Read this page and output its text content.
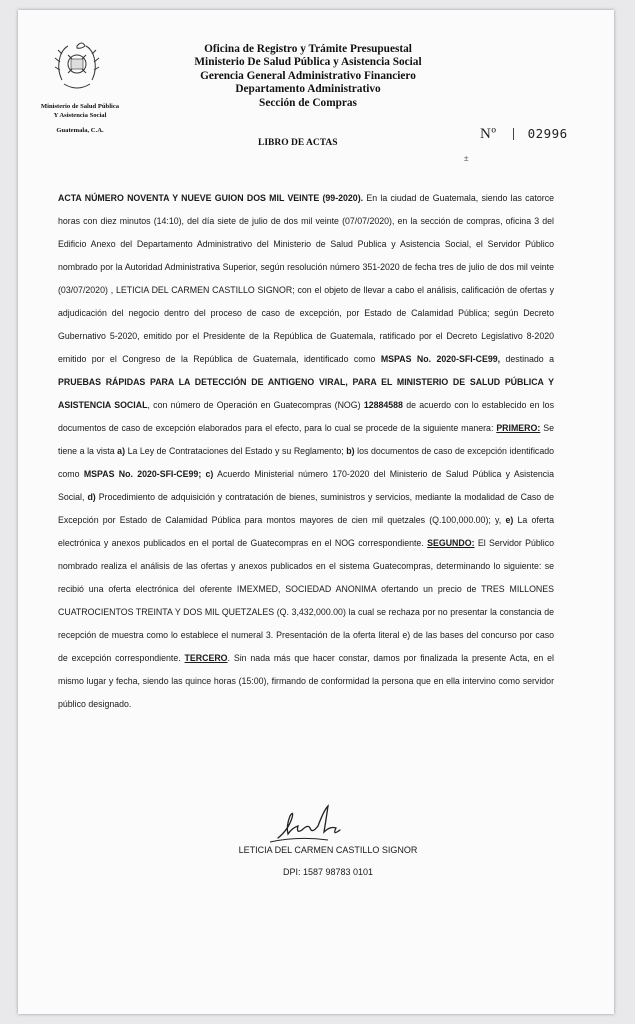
Ministerio de Salud Pública
Y Asistencia Social
Guatemala, C.A.
Oficina de Registro y Trámite Presupuestal
Ministerio De Salud Pública y Asistencia Social
Gerencia General Administrativo Financiero
Departamento Administrativo
Sección de Compras
LIBRO DE ACTAS
Nº 02996
±

ACTA NÚMERO NOVENTA Y NUEVE GUION DOS MIL VEINTE (99-2020). En la ciudad de Guatemala, siendo las catorce horas con diez minutos (14:10), del día siete de julio de dos mil veinte (07/07/2020), en la sección de compras, oficina 3 del Edificio Anexo del Departamento Administrativo del Ministerio de Salud Publica y Asistencia Social, el Servidor Público nombrado por la Autoridad Administrativa Superior, según resolución número 351-2020 de fecha tres de julio de dos mil veinte (03/07/2020) , LETICIA DEL CARMEN CASTILLO SIGNOR; con el objeto de llevar a cabo el análisis, calificación de ofertas y adjudicación del negocio dentro del proceso de caso de excepción, por Estado de Calamidad Pública; según Decreto Gubernativo 5-2020, emitido por el Presidente de la República de Guatemala, ratificado por el Decreto Legislativo 8-2020 emitido por el Congreso de la República de Guatemala, identificado como MSPAS No. 2020-SFI-CE99, destinado a PRUEBAS RÁPIDAS PARA LA DETECCIÓN DE ANTIGENO VIRAL, PARA EL MINISTERIO DE SALUD PÚBLICA Y ASISTENCIA SOCIAL, con número de Operación en Guatecompras (NOG) 12884588 de acuerdo con lo establecido en los documentos de caso de excepción elaborados para el efecto, para lo cual se procede de la siguiente manera: PRIMERO: Se tiene a la vista a) La Ley de Contrataciones del Estado y su Reglamento; b) los documentos de caso de excepción identificado como MSPAS No. 2020-SFI-CE99; c) Acuerdo Ministerial número 170-2020 del Ministerio de Salud Pública y Asistencia Social, d) Procedimiento de adquisición y contratación de bienes, suministros y servicios, mediante la modalidad de Caso de Excepción por Estado de Calamidad Pública para montos mayores de cien mil quetzales (Q.100,000.00); y, e) La oferta electrónica y anexos publicados en el portal de Guatecompras en el NOG correspondiente. SEGUNDO: El Servidor Público nombrado realiza el análisis de las ofertas y anexos publicados en el sistema Guatecompras, determinando lo siguiente: se recibió una oferta electrónica del oferente IMEXMED, SOCIEDAD ANONIMA ofertando un precio de TRES MILLONES CUATROCIENTOS TREINTA Y DOS MIL QUETZALES (Q. 3,432,000.00) la cual se rechaza por no presentar la constancia de recepción de muestra como lo establece el numeral 3. Presentación de la oferta literal e) de las bases del concurso por caso de excepción correspondiente. TERCERO. Sin nada más que hacer constar, damos por finalizada la presente Acta, en el mismo lugar y fecha, siendo las quince horas (15:00), firmando de conformidad la persona que en ella intervino como servidor público designado.

LETICIA DEL CARMEN CASTILLO SIGNOR
DPI: 1587 98783 0101
